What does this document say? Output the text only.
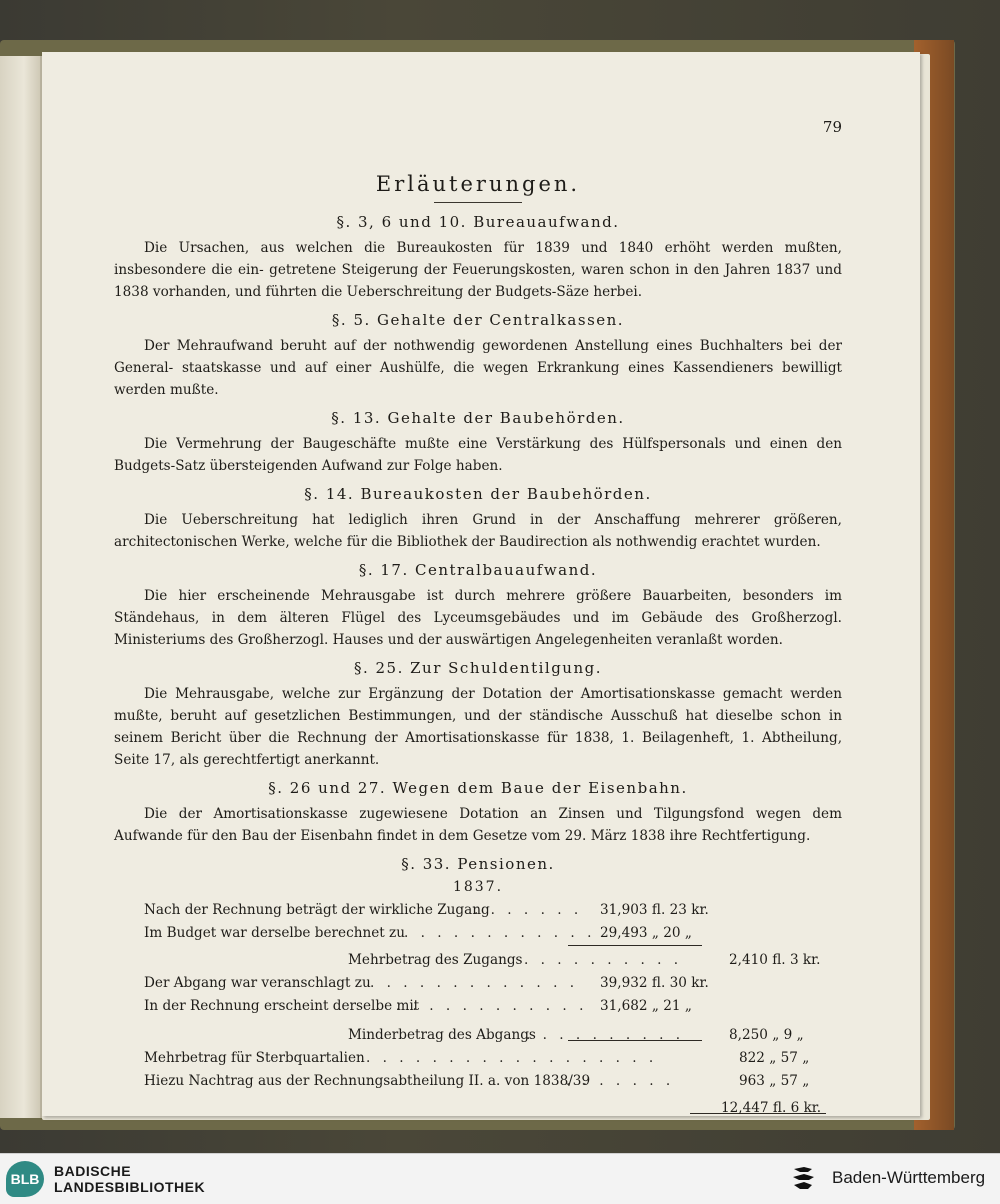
79
Erläuterungen.
§. 3, 6 und 10. Bureauaufwand.

Die Ursachen, aus welchen die Bureaukosten für 1839 und 1840 erhöht werden mußten, insbesondere die ein- getretene Steigerung der Feuerungskosten, waren schon in den Jahren 1837 und 1838 vorhanden, und führten die Ueberschreitung der Budgets-Säze herbei.

§. 5. Gehalte der Centralkassen.

Der Mehraufwand beruht auf der nothwendig gewordenen Anstellung eines Buchhalters bei der General- staatskasse und auf einer Aushülfe, die wegen Erkrankung eines Kassendieners bewilligt werden mußte.

§. 13. Gehalte der Baubehörden.

Die Vermehrung der Baugeschäfte mußte eine Verstärkung des Hülfspersonals und einen den Budgets-Satz übersteigenden Aufwand zur Folge haben.

§. 14. Bureaukosten der Baubehörden.

Die Ueberschreitung hat lediglich ihren Grund in der Anschaffung mehrerer größeren, architectonischen Werke, welche für die Bibliothek der Baudirection als nothwendig erachtet wurden.

§. 17. Centralbauaufwand.

Die hier erscheinende Mehrausgabe ist durch mehrere größere Bauarbeiten, besonders im Ständehaus, in dem älteren Flügel des Lyceumsgebäudes und im Gebäude des Großherzogl. Ministeriums des Großherzogl. Hauses und der auswärtigen Angelegenheiten veranlaßt worden.

§. 25. Zur Schuldentilgung.

Die Mehrausgabe, welche zur Ergänzung der Dotation der Amortisationskasse gemacht werden mußte, beruht auf gesetzlichen Bestimmungen, und der ständische Ausschuß hat dieselbe schon in seinem Bericht über die Rechnung der Amortisationskasse für 1838, 1. Beilagenheft, 1. Abtheilung, Seite 17, als gerechtfertigt anerkannt.

§. 26 und 27. Wegen dem Baue der Eisenbahn.

Die der Amortisationskasse zugewiesene Dotation an Zinsen und Tilgungsfond wegen dem Aufwande für den Bau der Eisenbahn findet in dem Gesetze vom 29. März 1838 ihre Rechtfertigung.

§. 33. Pensionen.
1837.
Nach der Rechnung beträgt der wirkliche Zugang
. . . . . . . 31,903 fl. 23 kr.
Im Budget war derselbe berechnet zu . . . . . . . . . . . . 29,493 „ 20 „
Mehrbetrag des Zugangs . . . . . . . . . .	2,410 fl. 3 kr.
Der Abgang war veranschlagt zu . . . . . . . . . . . . . 39,932 fl. 30 kr.
In der Rechnung erscheint derselbe mit
. . . . . . . . . . . . 31,682 „ 21 „
Minderbetrag des Abgangs
. . . . . . . . . .	8,250 „ 9 „
Mehrbetrag für Sterbquartalien . . . . . . . . . . . . . . . . . .	822 „ 57 „
Hiezu Nachtrag aus der Rechnungsabtheilung II. a. von 1838/39
. . . . . . .	963 „ 57 „
12,447 fl. 6 kr.
BLB	BADISCHE
LANDESBIBLIOTHEK	Baden-Württemberg
